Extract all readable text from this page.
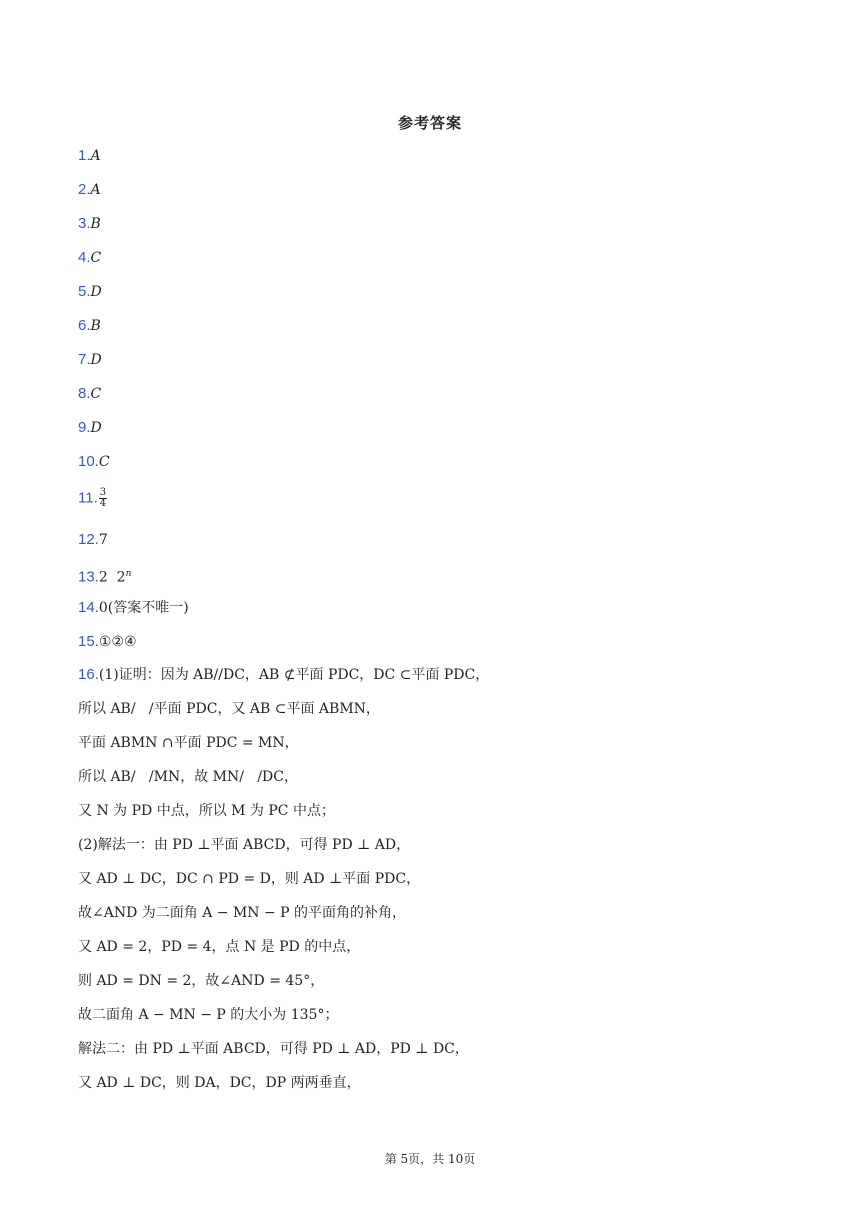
参考答案
1.A
2.A
3.B
4.C
5.D
6.B
7.D
8.C
9.D
10.C
11. $\frac{3}{4}$
12.7
13.2  2$^n$
14.0(答案不唯一)
15.①②④
16.(1)证明：因为 AB//DC，AB ⊄平面 PDC，DC ⊂平面 PDC，
所以 AB/   /平面 PDC，又 AB ⊂平面 ABMN，
平面 ABMN ∩平面 PDC = MN，
所以 AB/   /MN，故 MN/   /DC，
又 N 为 PD 中点，所以 M 为 PC 中点；
(2)解法一：由 PD ⊥平面 ABCD，可得 PD ⊥ AD，
又 AD ⊥ DC，DC ∩ PD = D，则 AD ⊥平面 PDC，
故∠AND 为二面角 A − MN − P 的平面角的补角，
又 AD = 2，PD = 4，点 N 是 PD 的中点，
则 AD = DN = 2，故∠AND = 45°，
故二面角 A − MN − P 的大小为 135°；
解法二：由 PD ⊥平面 ABCD，可得 PD ⊥ AD，PD ⊥ DC，
又 AD ⊥ DC，则 DA，DC，DP 两两垂直，
第 5页，共 10页
